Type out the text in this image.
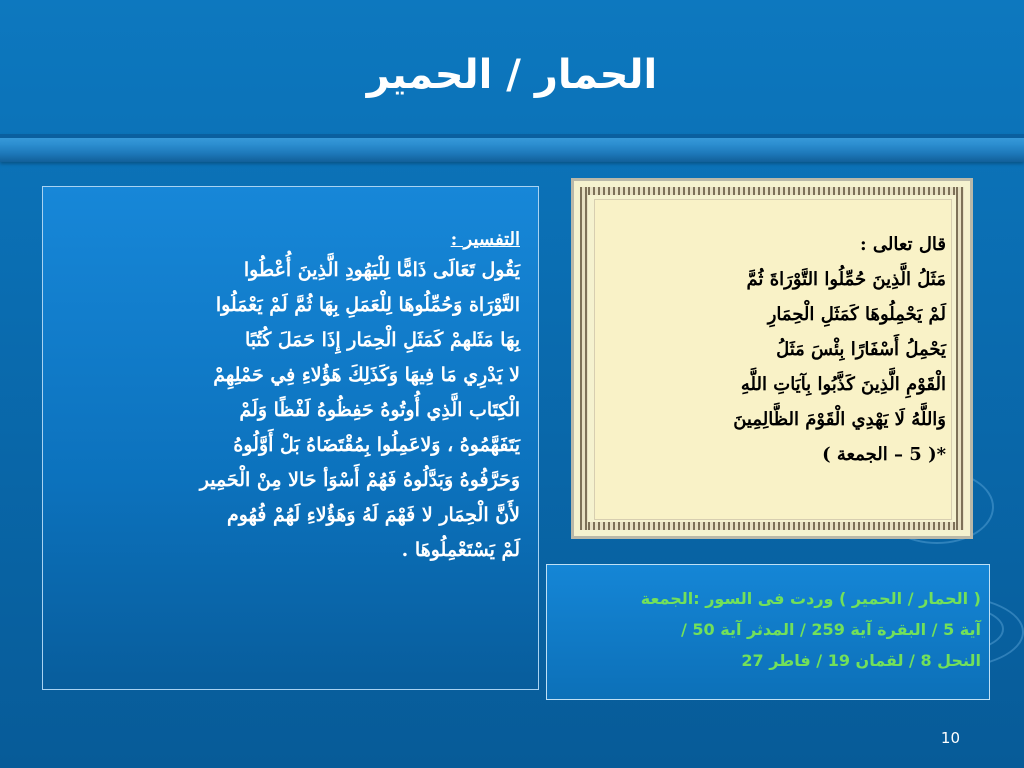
الحمار / الحمير
التفسير :
يَقُول تَعَالَى ذَامًّا لِلْيَهُودِ الَّذِينَ أُعْطُوا
التَّوْرَاة وَحُمِّلُوهَا لِلْعَمَلِ بِهَا ثُمَّ لَمْ يَعْمَلُوا
بِهَا مَثَلهمْ كَمَثَلِ الْحِمَار إِذَا حَمَلَ كُتُبًا
لا يَدْرِي مَا فِيهَا وَكَذَلِكَ هَؤُلاءِ فِي حَمْلِهِمْ
الْكِتَاب الَّذِي أُوتُوهُ حَفِظُوهُ لَفْظًا وَلَمْ
يَتَفَهَّمُوهُ ، وَلاعَمِلُوا بِمُقْتَضَاهُ بَلْ أَوَّلُوهُ
وَحَرَّفُوهُ وَبَدَّلُوهُ فَهُمْ أَسْوَأ حَالا مِنْ الْحَمِير
لأَنَّ الْحِمَار لا فَهْمَ لَهُ وَهَؤُلاءِ لَهُمْ فُهُوم
لَمْ يَسْتَعْمِلُوهَا .
قال تعالى :
مَثَلُ الَّذِينَ حُمِّلُوا التَّوْرَاةَ ثُمَّ
لَمْ يَحْمِلُوهَا كَمَثَلِ الْحِمَارِ
يَحْمِلُ أَسْفَارًا بِئْسَ مَثَلُ
الْقَوْمِ الَّذِينَ كَذَّبُوا بِآيَاتِ اللَّهِ
وَاللَّهُ لَا يَهْدِي الْقَوْمَ الظَّالِمِينَ
*( 5 – الجمعة )
( الحمار / الحمير ) وردت فى السور :الجمعة
آية 5 / البقرة آية 259 / المدثر آية 50 /
النحل 8 / لقمان 19 / فاطر 27
10
